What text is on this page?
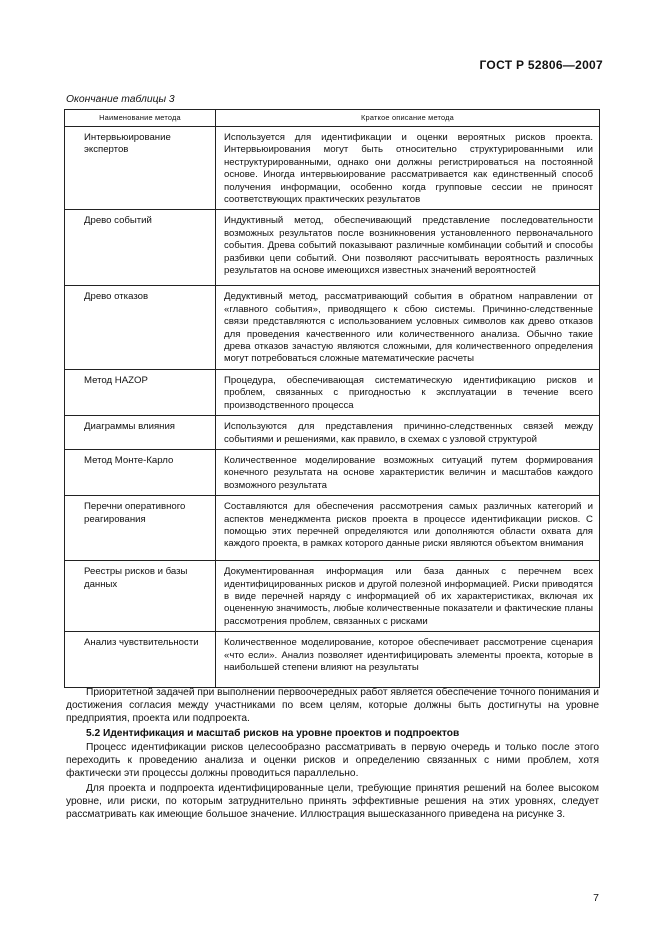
ГОСТ Р 52806—2007
Окончание таблицы 3
Наименование метода	Краткое описание метода
Интервьюирование экспертов	Используется для идентификации и оценки вероятных рисков проекта. Интервьюирования могут быть относительно структурированными или неструктурированными, однако они должны регистрироваться на постоянной основе. Иногда интервьюирование рассматривается как единственный способ получения информации, особенно когда групповые сессии не приносят соответствующих практических результатов
Древо событий	Индуктивный метод, обеспечивающий представление последовательности возможных результатов после возникновения установленного первоначального события. Древа событий показывают различные комбинации событий и способы разбивки цепи событий. Они позволяют рассчитывать вероятность различных результатов на основе имеющихся известных значений вероятностей
Древо отказов	Дедуктивный метод, рассматривающий события в обратном направлении от «главного события», приводящего к сбою системы. Причинно-следственные связи представляются с использованием условных символов как древо отказов для проведения качественного или количественного анализа. Обычно такие древа отказов зачастую являются сложными, для количественного определения могут потребоваться сложные математические расчеты
Метод HAZOP	Процедура, обеспечивающая систематическую идентификацию рисков и проблем, связанных с пригодностью к эксплуатации в течение всего производственного процесса
Диаграммы влияния	Используются для представления причинно-следственных связей между событиями и решениями, как правило, в схемах с узловой структурой
Метод Монте-Карло	Количественное моделирование возможных ситуаций путем формирования конечного результата на основе характеристик величин и масштабов каждого возможного результата
Перечни оперативного реагирования	Составляются для обеспечения рассмотрения самых различных категорий и аспектов менеджмента рисков проекта в процессе идентификации рисков. С помощью этих перечней определяются или дополняются области охвата для каждого проекта, в рамках которого данные риски являются объектом внимания
Реестры рисков и базы данных	Документированная информация или база данных с перечнем всех идентифицированных рисков и другой полезной информацией. Риски приводятся в виде перечней наряду с информацией об их характеристиках, включая их оцененную значимость, любые количественные показатели и фактические планы рассмотрения проблем, связанных с рисками
Анализ чувствительности	Количественное моделирование, которое обеспечивает рассмотрение сценария «что если». Анализ позволяет идентифицировать элементы проекта, которые в наибольшей степени влияют на результаты
Приоритетной задачей при выполнении первоочередных работ является обеспечение точного понимания и достижения согласия между участниками по всем целям, которые должны быть достигнуты на уровне предприятия, проекта или подпроекта.
5.2 Идентификация и масштаб рисков на уровне проектов и подпроектов
Процесс идентификации рисков целесообразно рассматривать в первую очередь и только после этого переходить к проведению анализа и оценки рисков и определению связанных с ними проблем, хотя фактически эти процессы должны проводиться параллельно.
Для проекта и подпроекта идентифицированные цели, требующие принятия решений на более высоком уровне, или риски, по которым затруднительно принять эффективные решения на этих уровнях, следует рассматривать как имеющие большое значение. Иллюстрация вышесказанного приведена на рисунке 3.
7
